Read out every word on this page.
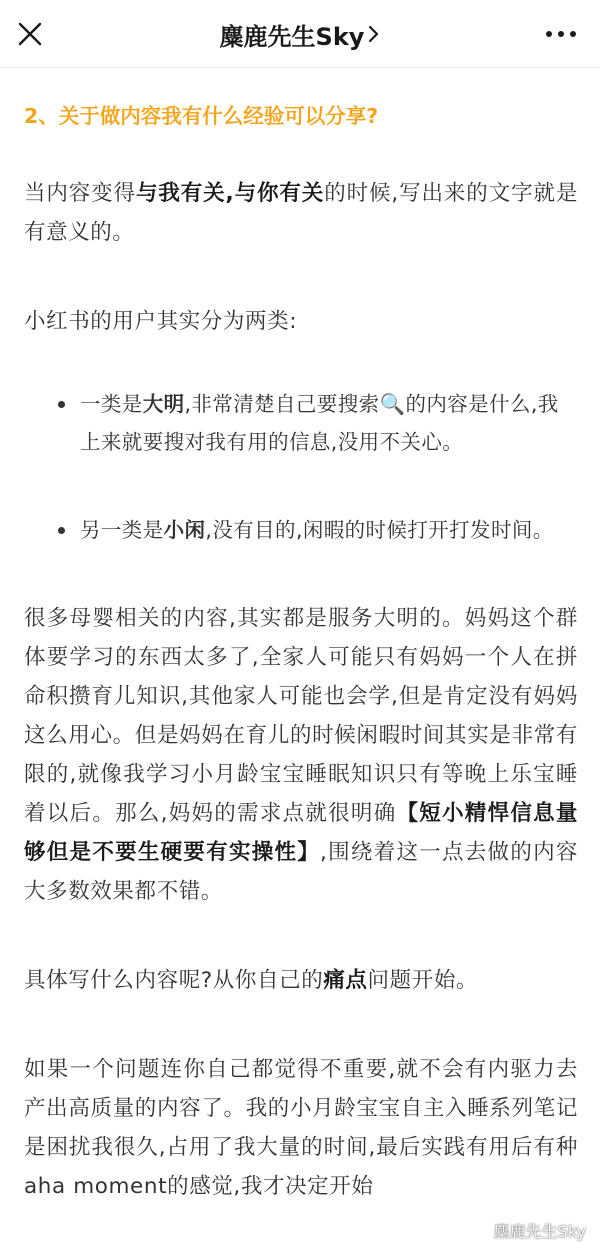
麋鹿先生Sky
2、关于做内容我有什么经验可以分享?

当内容变得与我有关,与你有关的时候,写出来的文字就是有意义的。

小红书的用户其实分为两类:

一类是大明,非常清楚自己要搜索🔍的内容是什么,我上来就要搜对我有用的信息,没用不关心。
另一类是小闲,没有目的,闲暇的时候打开打发时间。

很多母婴相关的内容,其实都是服务大明的。妈妈这个群体要学习的东西太多了,全家人可能只有妈妈一个人在拼命积攒育儿知识,其他家人可能也会学,但是肯定没有妈妈这么用心。但是妈妈在育儿的时候闲暇时间其实是非常有限的,就像我学习小月龄宝宝睡眠知识只有等晚上乐宝睡着以后。那么,妈妈的需求点就很明确【短小精悍信息量够但是不要生硬要有实操性】,围绕着这一点去做的内容大多数效果都不错。

具体写什么内容呢?从你自己的痛点问题开始。

如果一个问题连你自己都觉得不重要,就不会有内驱力去产出高质量的内容了。我的小月龄宝宝自主入睡系列笔记是困扰我很久,占用了我大量的时间,最后实践有用后有种aha moment的感觉,我才决定开始

麋鹿先生Sky
